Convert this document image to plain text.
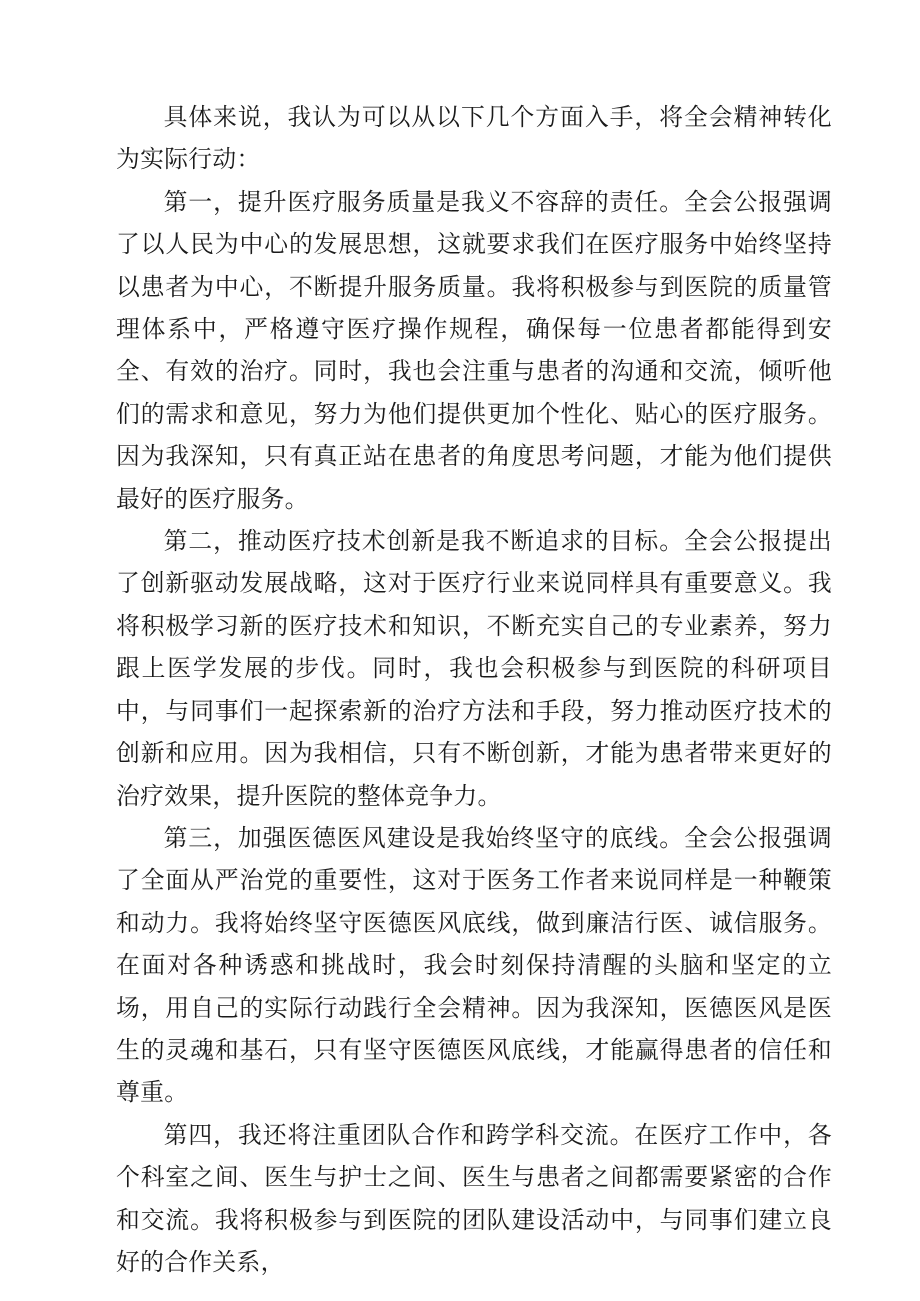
具体来说，我认为可以从以下几个方面入手，将全会精神转化为实际行动：

第一，提升医疗服务质量是我义不容辞的责任。全会公报强调了以人民为中心的发展思想，这就要求我们在医疗服务中始终坚持以患者为中心，不断提升服务质量。我将积极参与到医院的质量管理体系中，严格遵守医疗操作规程，确保每一位患者都能得到安全、有效的治疗。同时，我也会注重与患者的沟通和交流，倾听他们的需求和意见，努力为他们提供更加个性化、贴心的医疗服务。因为我深知，只有真正站在患者的角度思考问题，才能为他们提供最好的医疗服务。

第二，推动医疗技术创新是我不断追求的目标。全会公报提出了创新驱动发展战略，这对于医疗行业来说同样具有重要意义。我将积极学习新的医疗技术和知识，不断充实自己的专业素养，努力跟上医学发展的步伐。同时，我也会积极参与到医院的科研项目中，与同事们一起探索新的治疗方法和手段，努力推动医疗技术的创新和应用。因为我相信，只有不断创新，才能为患者带来更好的治疗效果，提升医院的整体竞争力。

第三，加强医德医风建设是我始终坚守的底线。全会公报强调了全面从严治党的重要性，这对于医务工作者来说同样是一种鞭策和动力。我将始终坚守医德医风底线，做到廉洁行医、诚信服务。在面对各种诱惑和挑战时，我会时刻保持清醒的头脑和坚定的立场，用自己的实际行动践行全会精神。因为我深知，医德医风是医生的灵魂和基石，只有坚守医德医风底线，才能赢得患者的信任和尊重。

第四，我还将注重团队合作和跨学科交流。在医疗工作中，各个科室之间、医生与护士之间、医生与患者之间都需要紧密的合作和交流。我将积极参与到医院的团队建设活动中，与同事们建立良好的合作关系，
